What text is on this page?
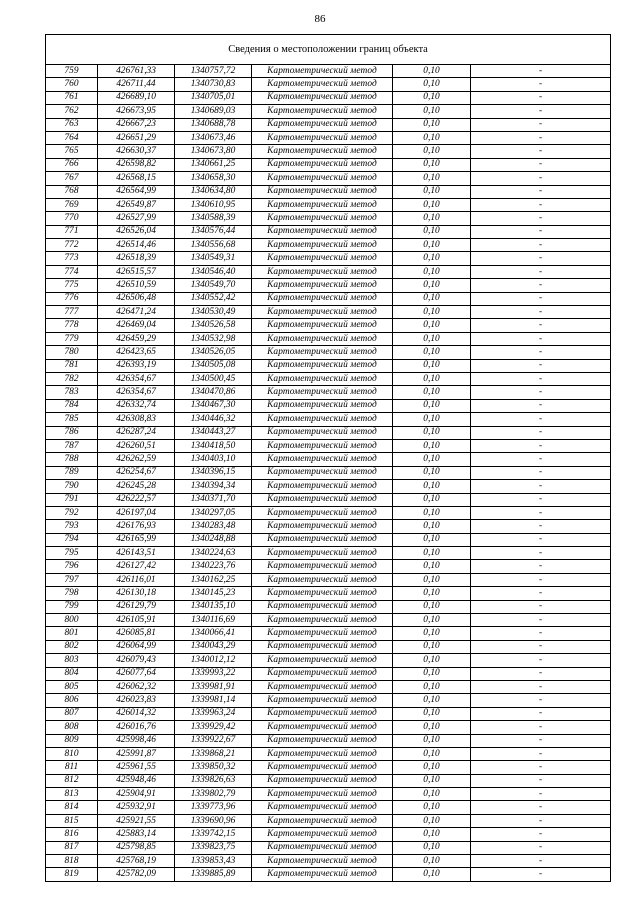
86
Сведения о местоположении границ объекта					
759	426761,33	1340757,72	Картометрический метод	0,10	-
760	426711,44	1340730,83	Картометрический метод	0,10	-
761	426689,10	1340705,01	Картометрический метод	0,10	-
762	426673,95	1340689,03	Картометрический метод	0,10	-
763	426667,23	1340688,78	Картометрический метод	0,10	-
764	426651,29	1340673,46	Картометрический метод	0,10	-
765	426630,37	1340673,80	Картометрический метод	0,10	-
766	426598,82	1340661,25	Картометрический метод	0,10	-
767	426568,15	1340658,30	Картометрический метод	0,10	-
768	426564,99	1340634,80	Картометрический метод	0,10	-
769	426549,87	1340610,95	Картометрический метод	0,10	-
770	426527,99	1340588,39	Картометрический метод	0,10	-
771	426526,04	1340576,44	Картометрический метод	0,10	-
772	426514,46	1340556,68	Картометрический метод	0,10	-
773	426518,39	1340549,31	Картометрический метод	0,10	-
774	426515,57	1340546,40	Картометрический метод	0,10	-
775	426510,59	1340549,70	Картометрический метод	0,10	-
776	426506,48	1340552,42	Картометрический метод	0,10	-
777	426471,24	1340530,49	Картометрический метод	0,10	-
778	426469,04	1340526,58	Картометрический метод	0,10	-
779	426459,29	1340532,98	Картометрический метод	0,10	-
780	426423,65	1340526,05	Картометрический метод	0,10	-
781	426393,19	1340505,08	Картометрический метод	0,10	-
782	426354,67	1340500,45	Картометрический метод	0,10	-
783	426354,67	1340470,86	Картометрический метод	0,10	-
784	426332,74	1340467,30	Картометрический метод	0,10	-
785	426308,83	1340446,32	Картометрический метод	0,10	-
786	426287,24	1340443,27	Картометрический метод	0,10	-
787	426260,51	1340418,50	Картометрический метод	0,10	-
788	426262,59	1340403,10	Картометрический метод	0,10	-
789	426254,67	1340396,15	Картометрический метод	0,10	-
790	426245,28	1340394,34	Картометрический метод	0,10	-
791	426222,57	1340371,70	Картометрический метод	0,10	-
792	426197,04	1340297,05	Картометрический метод	0,10	-
793	426176,93	1340283,48	Картометрический метод	0,10	-
794	426165,99	1340248,88	Картометрический метод	0,10	-
795	426143,51	1340224,63	Картометрический метод	0,10	-
796	426127,42	1340223,76	Картометрический метод	0,10	-
797	426116,01	1340162,25	Картометрический метод	0,10	-
798	426130,18	1340145,23	Картометрический метод	0,10	-
799	426129,79	1340135,10	Картометрический метод	0,10	-
800	426105,91	1340116,69	Картометрический метод	0,10	-
801	426085,81	1340066,41	Картометрический метод	0,10	-
802	426064,99	1340043,29	Картометрический метод	0,10	-
803	426079,43	1340012,12	Картометрический метод	0,10	-
804	426077,64	1339993,22	Картометрический метод	0,10	-
805	426062,32	1339981,91	Картометрический метод	0,10	-
806	426023,83	1339981,14	Картометрический метод	0,10	-
807	426014,32	1339963,24	Картометрический метод	0,10	-
808	426016,76	1339929,42	Картометрический метод	0,10	-
809	425998,46	1339922,67	Картометрический метод	0,10	-
810	425991,87	1339868,21	Картометрический метод	0,10	-
811	425961,55	1339850,32	Картометрический метод	0,10	-
812	425948,46	1339826,63	Картометрический метод	0,10	-
813	425904,91	1339802,79	Картометрический метод	0,10	-
814	425932,91	1339773,96	Картометрический метод	0,10	-
815	425921,55	1339690,96	Картометрический метод	0,10	-
816	425883,14	1339742,15	Картометрический метод	0,10	-
817	425798,85	1339823,75	Картометрический метод	0,10	-
818	425768,19	1339853,43	Картометрический метод	0,10	-
819	425782,09	1339885,89	Картометрический метод	0,10	-
